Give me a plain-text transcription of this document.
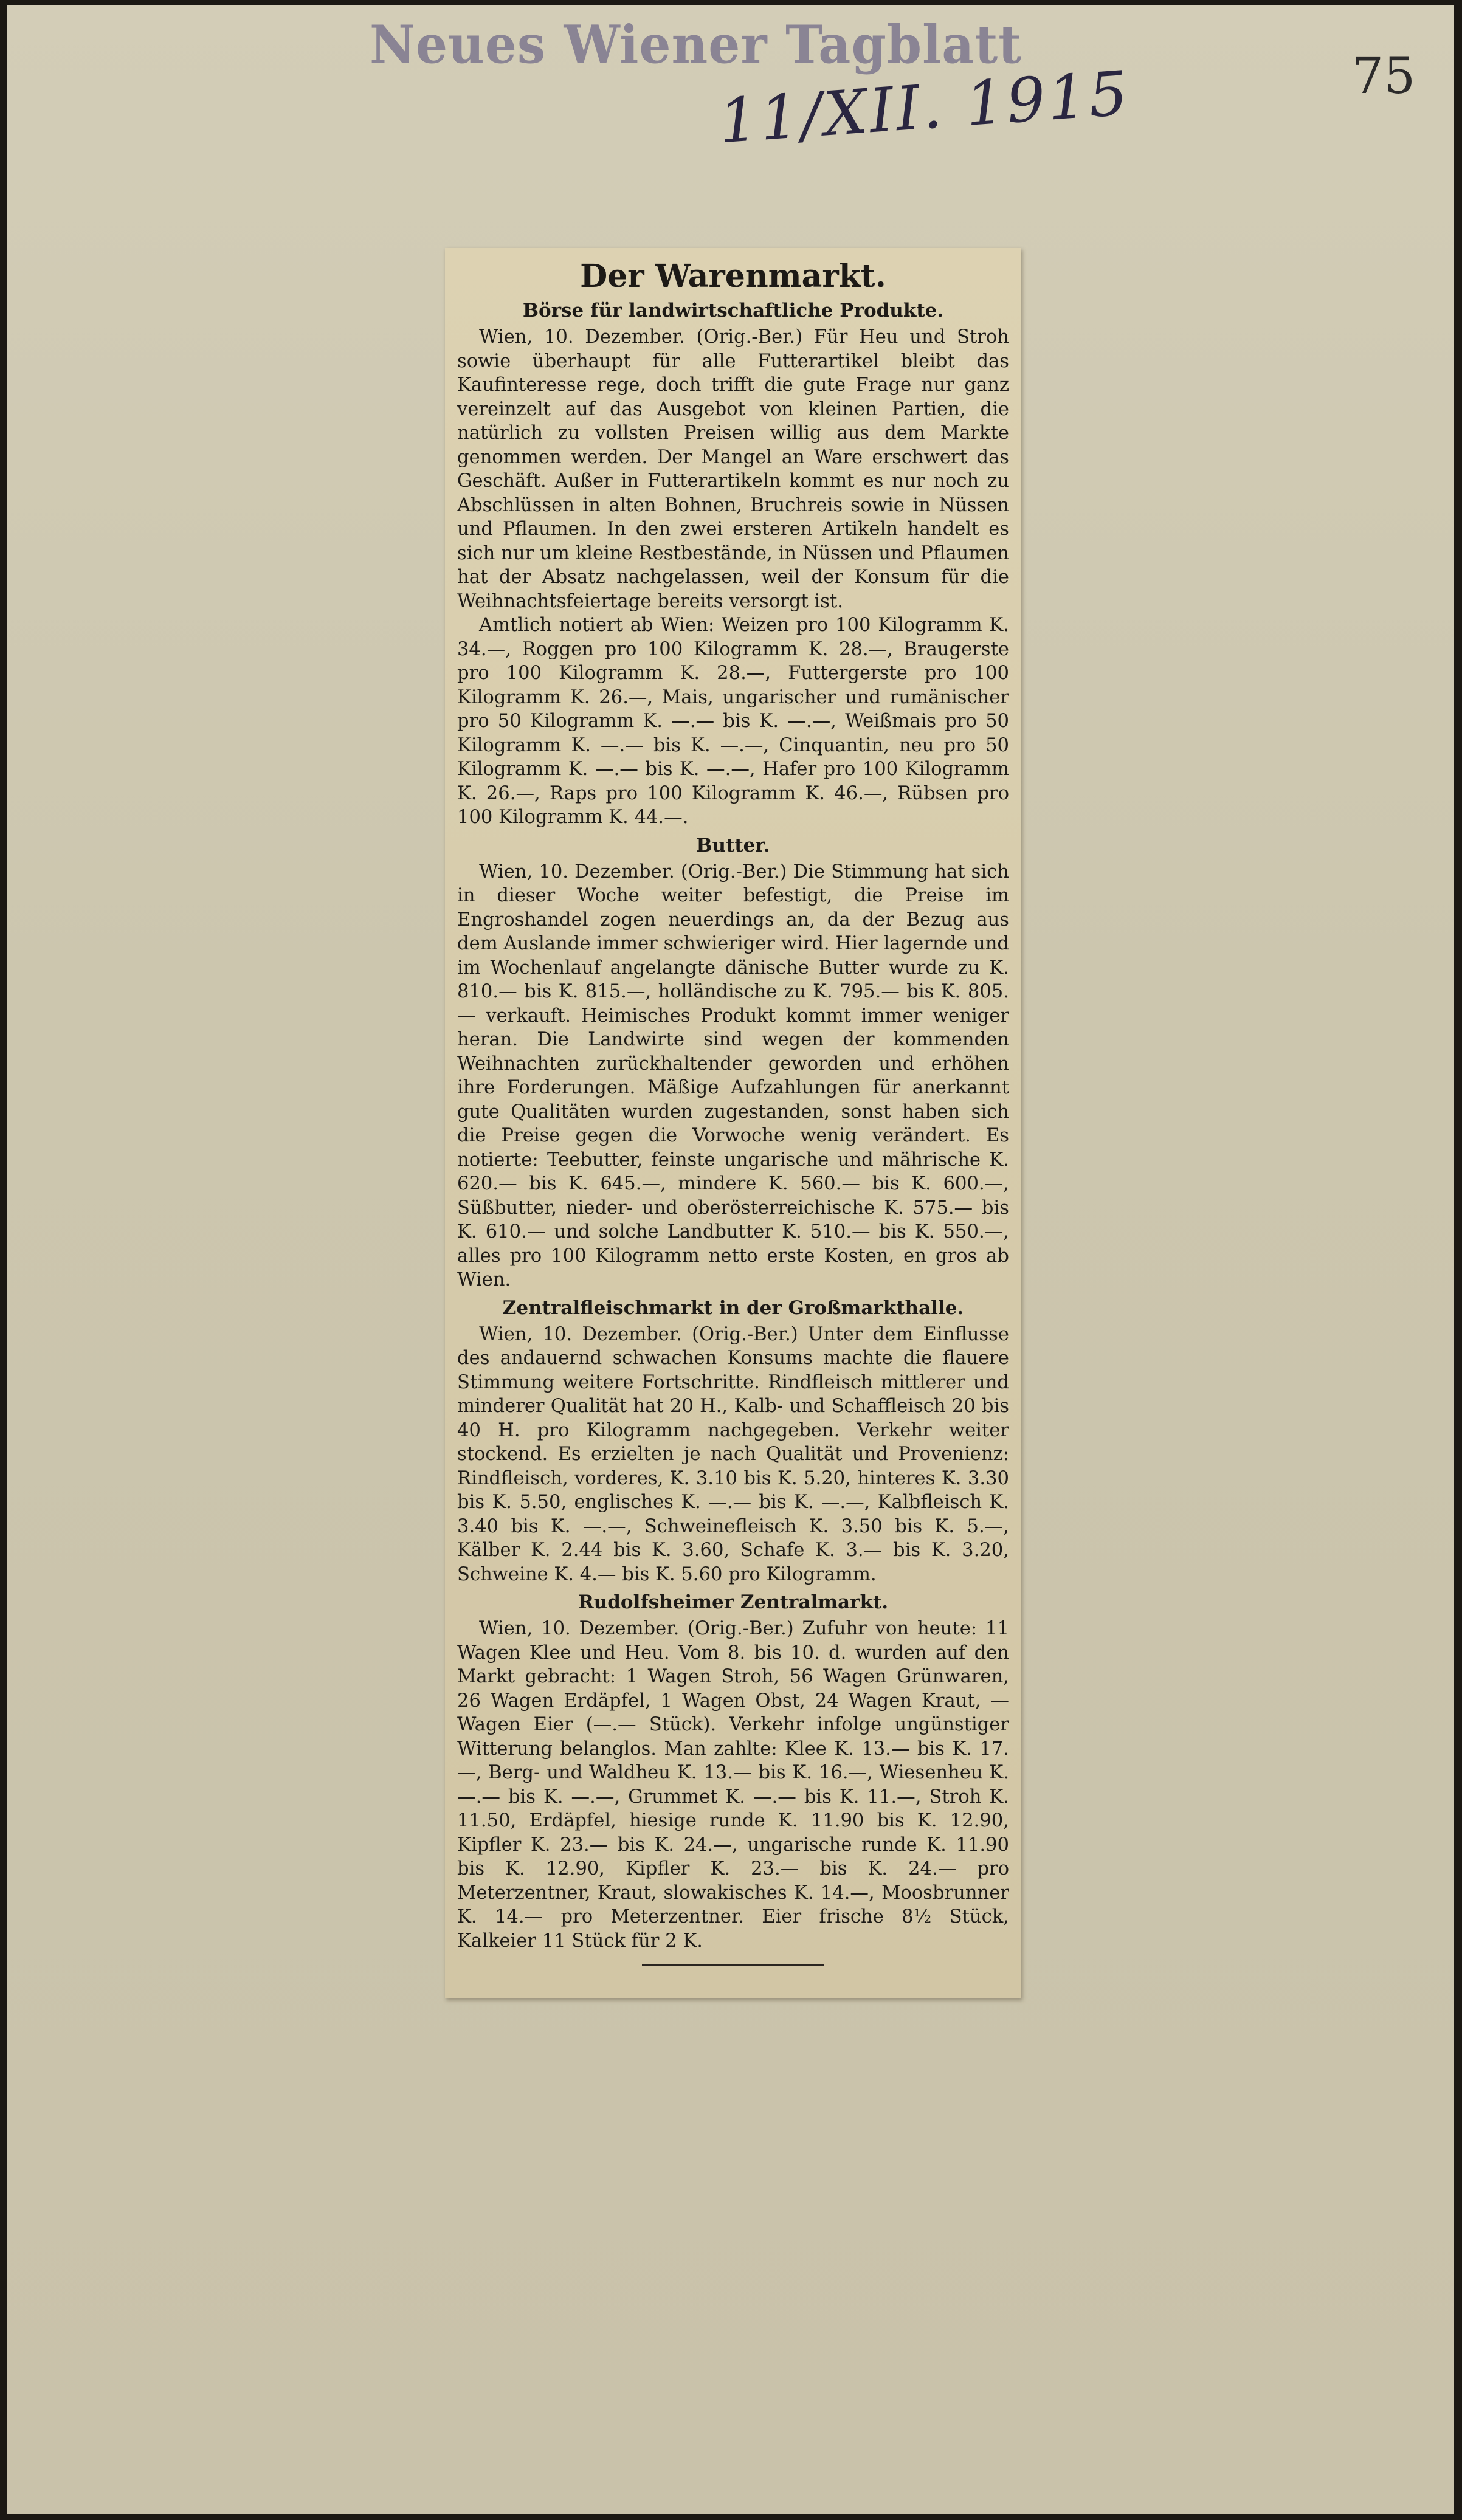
Neues Wiener Tagblatt
11/XII. 1915	75
Der Warenmarkt.
Börse für landwirtschaftliche Produkte.

Wien, 10. Dezember. (Orig.-Ber.) Für Heu und Stroh sowie überhaupt für alle Futterartikel bleibt das Kaufinteresse rege, doch trifft die gute Frage nur ganz vereinzelt auf das Ausgebot von kleinen Partien, die natürlich zu vollsten Preisen willig aus dem Markte genommen werden. Der Mangel an Ware erschwert das Geschäft. Außer in Futterartikeln kommt es nur noch zu Abschlüssen in alten Bohnen, Bruchreis sowie in Nüssen und Pflaumen. In den zwei ersteren Artikeln handelt es sich nur um kleine Restbestände, in Nüssen und Pflaumen hat der Absatz nachgelassen, weil der Konsum für die Weihnachtsfeiertage bereits versorgt ist.

Amtlich notiert ab Wien: Weizen pro 100 Kilogramm K. 34.—, Roggen pro 100 Kilogramm K. 28.—, Braugerste pro 100 Kilogramm K. 28.—, Futtergerste pro 100 Kilogramm K. 26.—, Mais, ungarischer und rumänischer pro 50 Kilogramm K. —.— bis K. —.—, Weißmais pro 50 Kilogramm K. —.— bis K. —.—, Cinquantin, neu pro 50 Kilogramm K. —.— bis K. —.—, Hafer pro 100 Kilogramm K. 26.—, Raps pro 100 Kilogramm K. 46.—, Rübsen pro 100 Kilogramm K. 44.—.

Butter.

Wien, 10. Dezember. (Orig.-Ber.) Die Stimmung hat sich in dieser Woche weiter befestigt, die Preise im Engroshandel zogen neuerdings an, da der Bezug aus dem Auslande immer schwieriger wird. Hier lagernde und im Wochenlauf angelangte dänische Butter wurde zu K. 810.— bis K. 815.—, holländische zu K. 795.— bis K. 805.— verkauft. Heimisches Produkt kommt immer weniger heran. Die Landwirte sind wegen der kommenden Weihnachten zurückhaltender geworden und erhöhen ihre Forderungen. Mäßige Aufzahlungen für anerkannt gute Qualitäten wurden zugestanden, sonst haben sich die Preise gegen die Vorwoche wenig verändert. Es notierte: Teebutter, feinste ungarische und mährische K. 620.— bis K. 645.—, mindere K. 560.— bis K. 600.—, Süßbutter, nieder- und oberösterreichische K. 575.— bis K. 610.— und solche Landbutter K. 510.— bis K. 550.—, alles pro 100 Kilogramm netto erste Kosten, en gros ab Wien.

Zentralfleischmarkt in der Großmarkthalle.

Wien, 10. Dezember. (Orig.-Ber.) Unter dem Einflusse des andauernd schwachen Konsums machte die flauere Stimmung weitere Fortschritte. Rindfleisch mittlerer und minderer Qualität hat 20 H., Kalb- und Schaffleisch 20 bis 40 H. pro Kilogramm nachgegeben. Verkehr weiter stockend. Es erzielten je nach Qualität und Provenienz: Rindfleisch, vorderes, K. 3.10 bis K. 5.20, hinteres K. 3.30 bis K. 5.50, englisches K. —.— bis K. —.—, Kalbfleisch K. 3.40 bis K. —.—, Schweinefleisch K. 3.50 bis K. 5.—, Kälber K. 2.44 bis K. 3.60, Schafe K. 3.— bis K. 3.20, Schweine K. 4.— bis K. 5.60 pro Kilogramm.

Rudolfsheimer Zentralmarkt.

Wien, 10. Dezember. (Orig.-Ber.) Zufuhr von heute: 11 Wagen Klee und Heu. Vom 8. bis 10. d. wurden auf den Markt gebracht: 1 Wagen Stroh, 56 Wagen Grünwaren, 26 Wagen Erdäpfel, 1 Wagen Obst, 24 Wagen Kraut, — Wagen Eier (—.— Stück). Verkehr infolge ungünstiger Witterung belanglos. Man zahlte: Klee K. 13.— bis K. 17.—, Berg- und Waldheu K. 13.— bis K. 16.—, Wiesenheu K. —.— bis K. —.—, Grummet K. —.— bis K. 11.—, Stroh K. 11.50, Erdäpfel, hiesige runde K. 11.90 bis K. 12.90, Kipfler K. 23.— bis K. 24.—, ungarische runde K. 11.90 bis K. 12.90, Kipfler K. 23.— bis K. 24.— pro Meterzentner, Kraut, slowakisches K. 14.—, Moosbrunner K. 14.— pro Meterzentner. Eier frische 8½ Stück, Kalkeier 11 Stück für 2 K.
